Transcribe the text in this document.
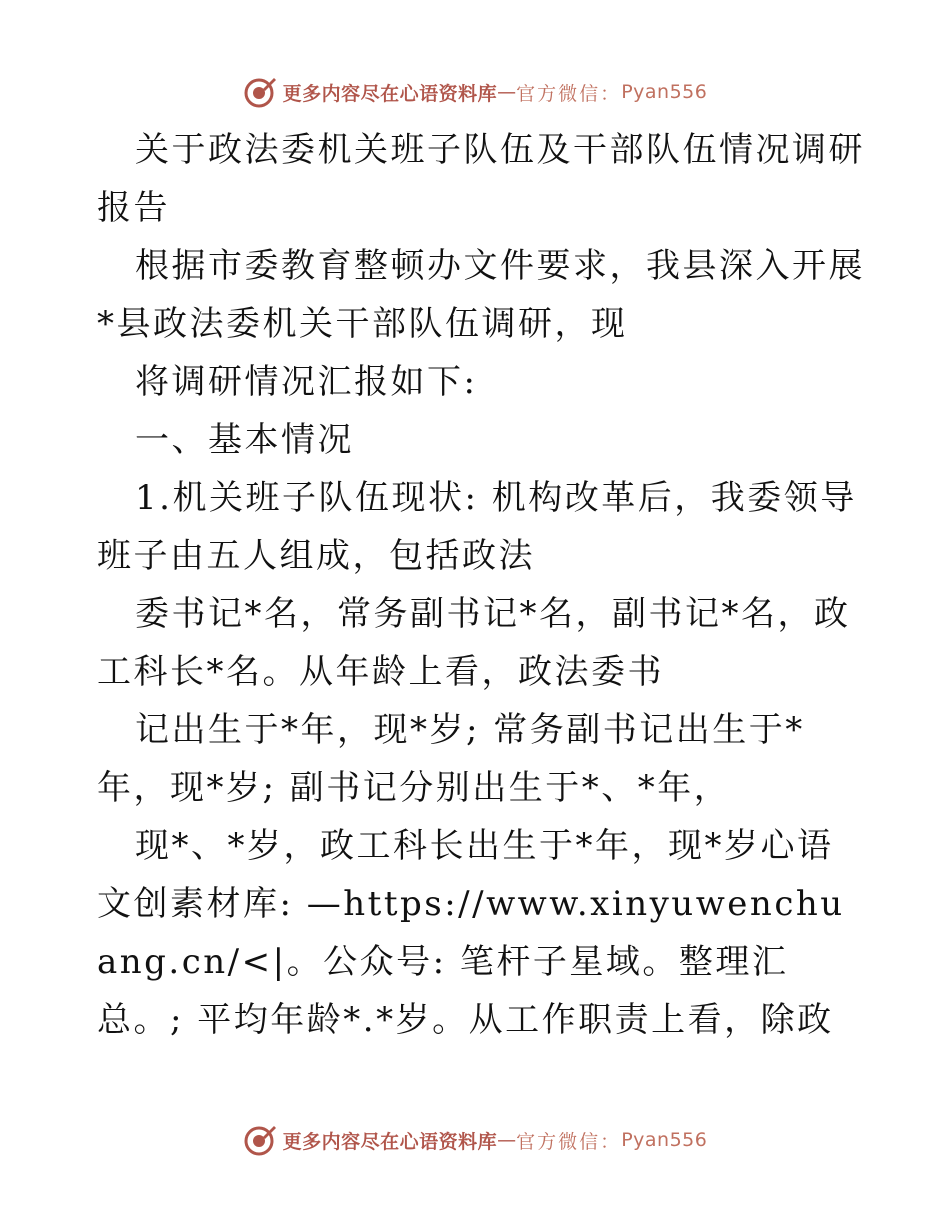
更多内容尽在心语资料库 — 官方微信： Pyan556

关于政法委机关班子队伍及干部队伍情况调研报告

根据市委教育整顿办文件要求，我县深入开展*县政法委机关干部队伍调研，现

将调研情况汇报如下:

一、基本情况

1.机关班子队伍现状: 机构改革后，我委领导班子由五人组成，包括政法

委书记*名，常务副书记*名，副书记*名，政工科长*名。从年龄上看，政法委书

记出生于*年，现*岁; 常务副书记出生于*年，现*岁; 副书记分别出生于*、*年，

现*、*岁，政工科长出生于*年，现*岁心语文创素材库: —https://www.xinyuwenchuang.cn/<|。公众号: 笔杆子星域。整理汇总。; 平均年龄*.*岁。从工作职责上看，除政

更多内容尽在心语资料库 — 官方微信： Pyan556
